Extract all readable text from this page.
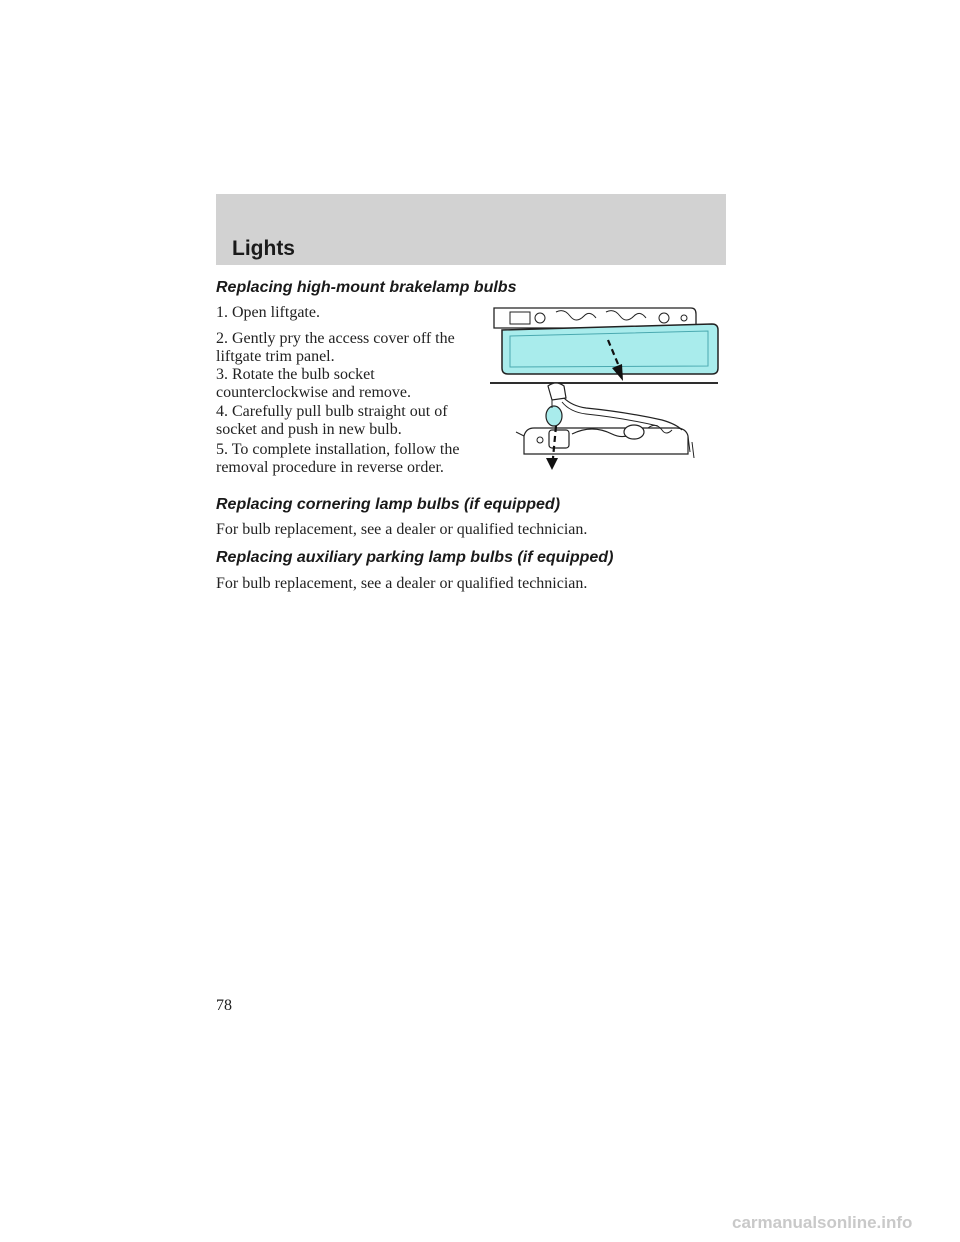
Lights
Replacing high-mount brakelamp bulbs

1. Open liftgate.

2. Gently pry the access cover off the liftgate trim panel.

3. Rotate the bulb socket counterclockwise and remove.

4. Carefully pull bulb straight out of socket and push in new bulb.

5. To complete installation, follow the removal procedure in reverse order.

Replacing cornering lamp bulbs (if equipped)

For bulb replacement, see a dealer or qualified technician.

Replacing auxiliary parking lamp bulbs (if equipped)

For bulb replacement, see a dealer or qualified technician.

78

carmanualsonline.info
